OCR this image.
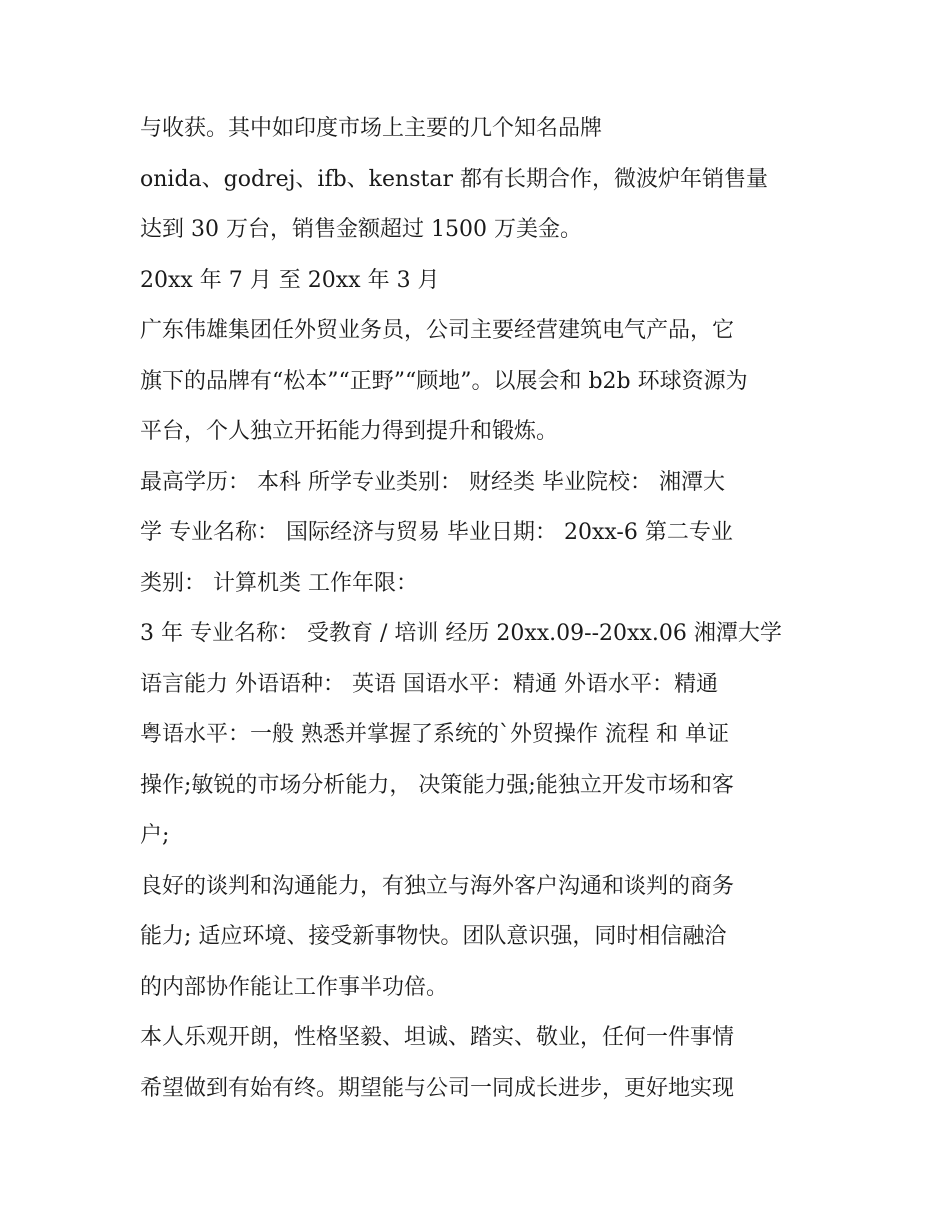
与收获。其中如印度市场上主要的几个知名品牌
onida、godrej、ifb、kenstar 都有长期合作，微波炉年销售量
达到 30 万台，销售金额超过 1500 万美金。
20xx 年 7 月 至 20xx 年 3 月
广东伟雄集团任外贸业务员，公司主要经营建筑电气产品，它
旗下的品牌有“松本”“正野”“顾地”。以展会和 b2b 环球资源为
平台，个人独立开拓能力得到提升和锻炼。
最高学历： 本科 所学专业类别： 财经类 毕业院校： 湘潭大
学 专业名称： 国际经济与贸易 毕业日期： 20xx-6 第二专业
类别： 计算机类 工作年限：
3 年 专业名称： 受教育 / 培训 经历 20xx.09--20xx.06 湘潭大学
语言能力 外语语种： 英语 国语水平：精通 外语水平：精通
粤语水平：一般 熟悉并掌握了系统的`外贸操作 流程 和 单证
操作;敏锐的市场分析能力， 决策能力强;能独立开发市场和客
户;
良好的谈判和沟通能力，有独立与海外客户沟通和谈判的商务
能力; 适应环境、接受新事物快。团队意识强，同时相信融洽
的内部协作能让工作事半功倍。
本人乐观开朗，性格坚毅、坦诚、踏实、敬业，任何一件事情
希望做到有始有终。期望能与公司一同成长进步，更好地实现
